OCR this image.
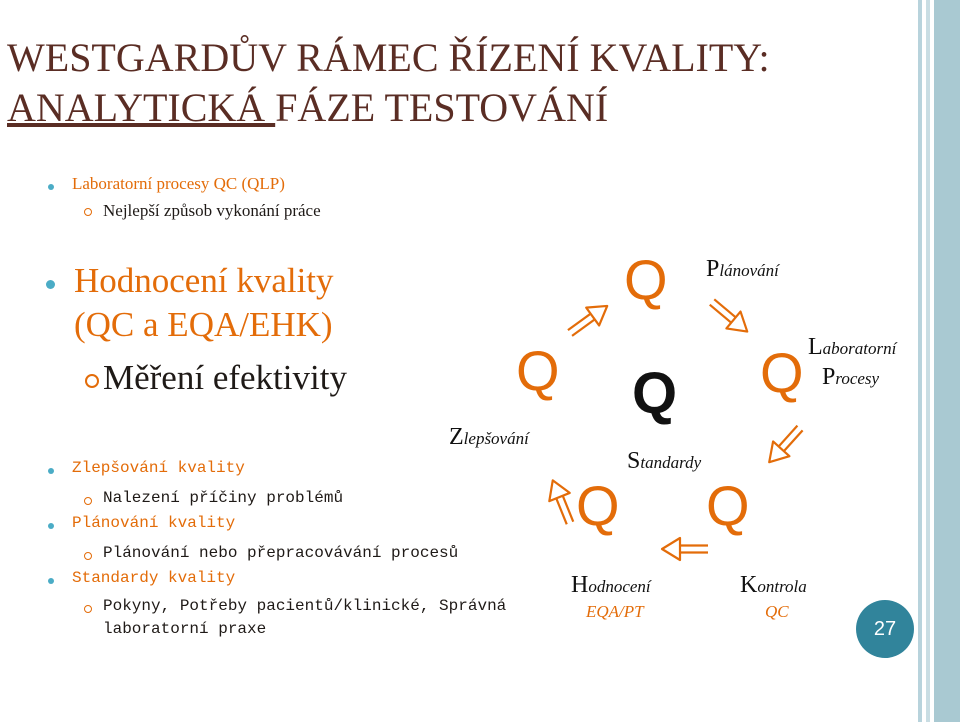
WESTGARDŮV RÁMEC ŘÍZENÍ KVALITY:
ANALYTICKÁ FÁZE TESTOVÁNÍ
Laboratorní procesy QC (QLP)
Nejlepší způsob vykonání práce
Hodnocení kvality
(QC a EQA/EHK)
Měření efektivity
Zlepšování kvality
Nalezení příčiny problémů
Plánování kvality
Plánování nebo přepracovávání procesů
Standardy kvality
Pokyny, Potřeby pacientů/klinické, Správná
laboratorní praxe
Q
Q Q Q
Q Q
Plánování
Laboratorní
Procesy
Zlepšování
Standardy
Hodnocení
EQA/PT
Kontrola
QC
27
